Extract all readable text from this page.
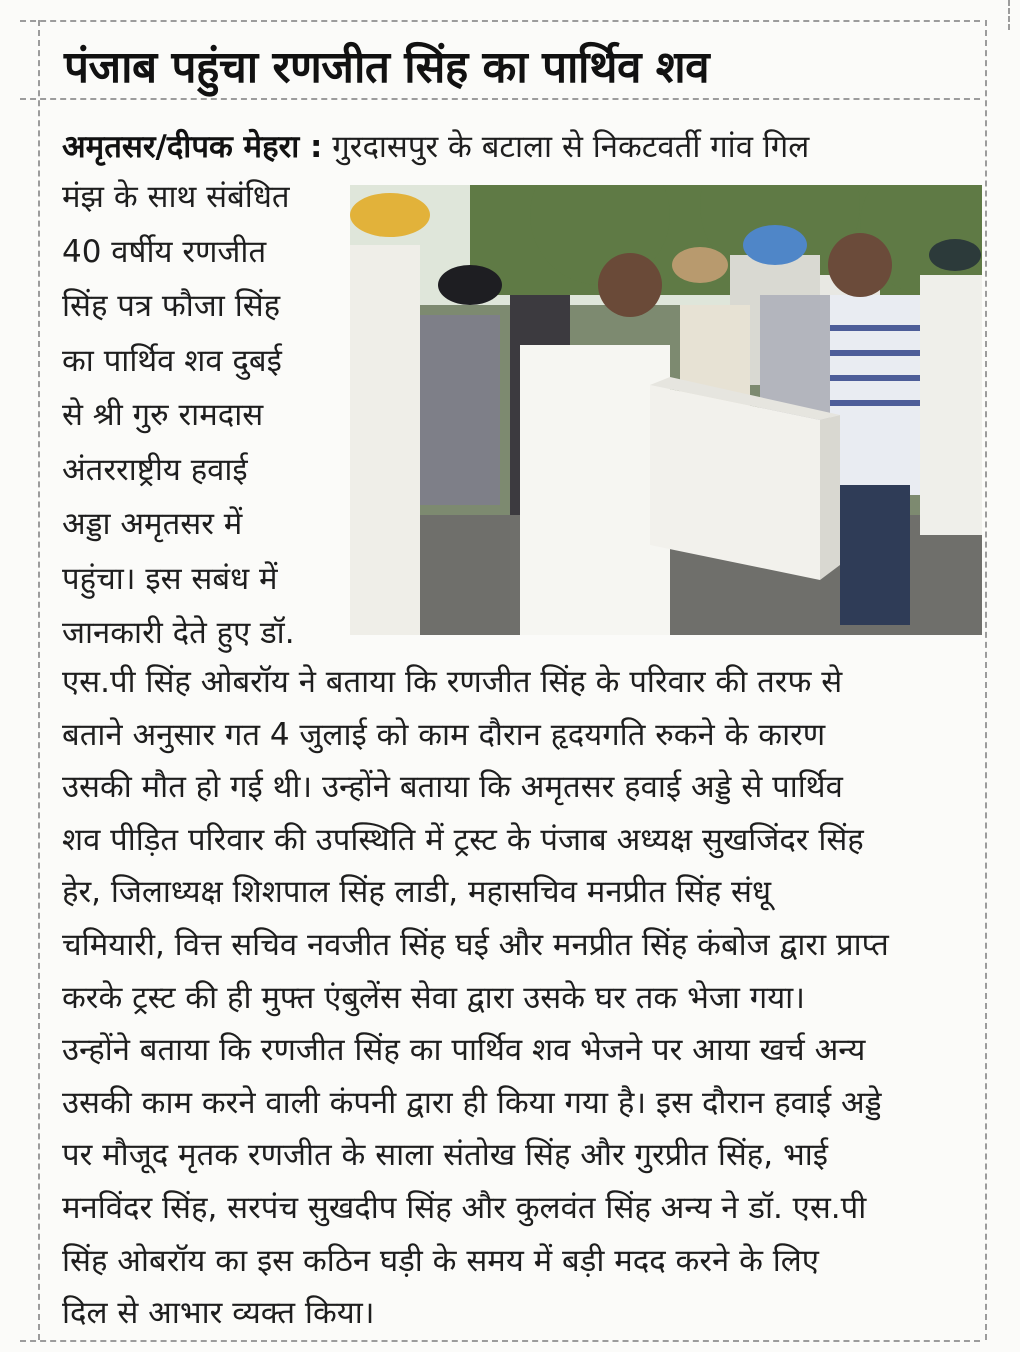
पंजाब पहुंचा रणजीत सिंह का पार्थिव शव
अमृतसर/दीपक मेहरा : गुरदासपुर के बटाला से निकटवर्ती गांव गिल
मंझ के साथ संबंधित
40 वर्षीय रणजीत
सिंह पत्र फौजा सिंह
का पार्थिव शव दुबई
से श्री गुरु रामदास
अंतरराष्ट्रीय हवाई
अड्डा अमृतसर में
पहुंचा। इस सबंध में
जानकारी देते हुए डॉ.
एस.पी सिंह ओबरॉय ने बताया कि रणजीत सिंह के परिवार की तरफ से
बताने अनुसार गत 4 जुलाई को काम दौरान हृदयगति रुकने के कारण
उसकी मौत हो गई थी। उन्होंने बताया कि अमृतसर हवाई अड्डे से पार्थिव
शव पीड़ित परिवार की उपस्थिति में ट्रस्ट के पंजाब अध्यक्ष सुखजिंदर सिंह
हेर, जिलाध्यक्ष शिशपाल सिंह लाडी, महासचिव मनप्रीत सिंह संधू
चमियारी, वित्त सचिव नवजीत सिंह घई और मनप्रीत सिंह कंबोज द्वारा प्राप्त
करके ट्रस्ट की ही मुफ्त एंबुलेंस सेवा द्वारा उसके घर तक भेजा गया।
उन्होंने बताया कि रणजीत सिंह का पार्थिव शव भेजने पर आया खर्च अन्य
उसकी काम करने वाली कंपनी द्वारा ही किया गया है। इस दौरान हवाई अड्डे
पर मौजूद मृतक रणजीत के साला संतोख सिंह और गुरप्रीत सिंह, भाई
मनविंदर सिंह, सरपंच सुखदीप सिंह और कुलवंत सिंह अन्य ने डॉ. एस.पी
सिंह ओबरॉय का इस कठिन घड़ी के समय में बड़ी मदद करने के लिए
दिल से आभार व्यक्त किया।
